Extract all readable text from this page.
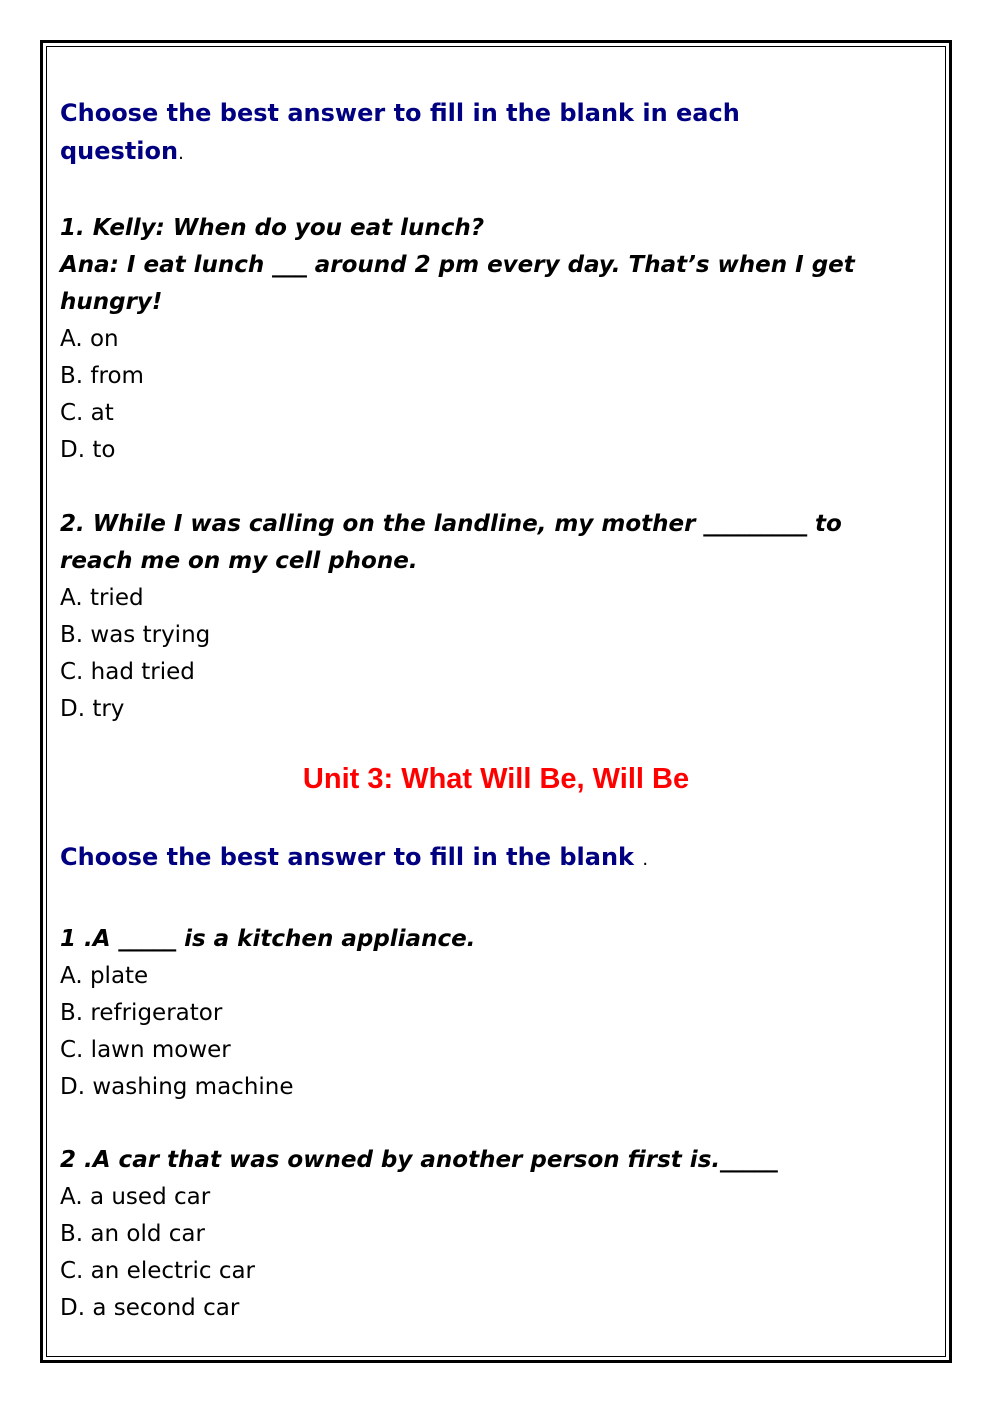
Choose the best answer to fill in the blank in each question.

1. Kelly: When do you eat lunch?

Ana: I eat lunch ___ around 2 pm every day. That’s when I get

hungry!

A. on

B. from

C. at

D. to

2. While I was calling on the landline, my mother _________ to

reach me on my cell phone.

A. tried

B. was trying

C. had tried

D. try

Unit 3: What Will Be, Will Be

Choose the best answer to fill in the blank .

1 .A _____ is a kitchen appliance.

A. plate

B. refrigerator

C. lawn mower

D. washing machine

2 .A car that was owned by another person first is._____

A. a used car

B. an old car

C. an electric car

D. a second car
